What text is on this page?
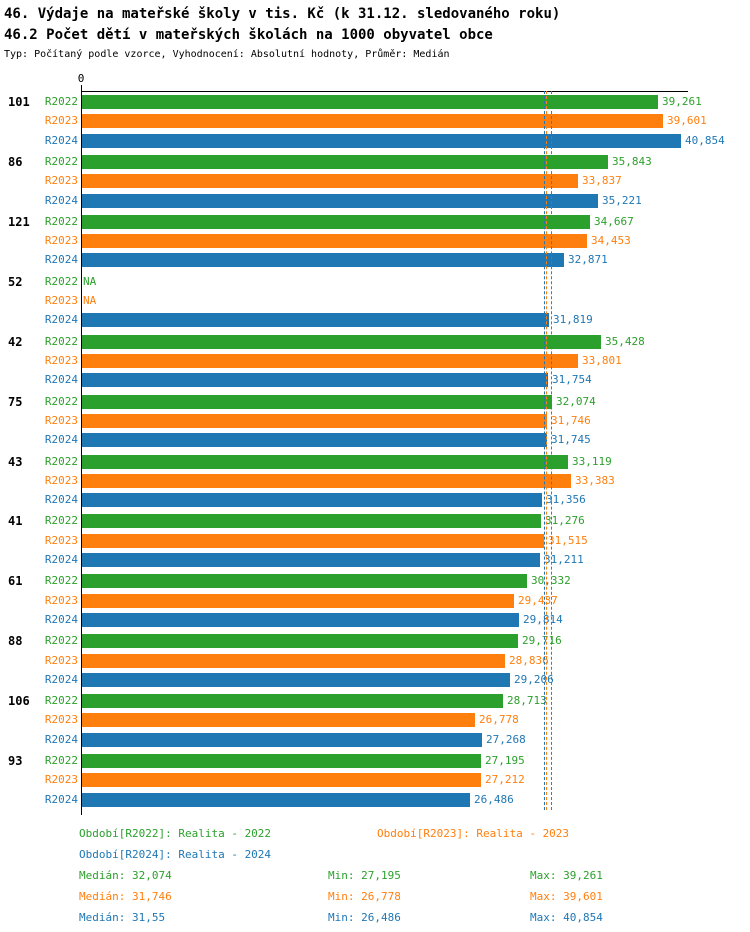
46. Výdaje na mateřské školy v tis. Kč (k 31.12. sledovaného roku)
46.2 Počet dětí v mateřských školách na 1000 obyvatel obce
Typ: Počítaný podle vzorce, Vyhodnocení: Absolutní hodnoty, Průměr: Medián
0
101	R2022	39,261
R2023	39,601
R2024	40,854
86	R2022	35,843
R2023	33,837
R2024	35,221
121	R2022	34,667
R2023	34,453
R2024	32,871
52	R2022 NA
R2023 NA
R2024	31,819
42	R2022	35,428
R2023	33,801
R2024	31,754
75	R2022	32,074
R2023	31,746
R2024	31,745
43	R2022	33,119
R2023	33,383
R2024	31,356
41	R2022	31,276
R2023	31,515
R2024	31,211
61	R2022	30,332
R2023	29,437
R2024	29,814
88	R2022	29,716
R2023	28,836
R2024	29,206
106	R2022	28,713
R2023	26,778
R2024	27,268
93	R2022	27,195
R2023	27,212
R2024	26,486
Období[R2022]: Realita - 2022	Období[R2023]: Realita - 2023
Období[R2024]: Realita - 2024
Medián: 32,074	Min: 27,195	Max: 39,261
Medián: 31,746	Min: 26,778	Max: 39,601
Medián: 31,55	Min: 26,486	Max: 40,854
